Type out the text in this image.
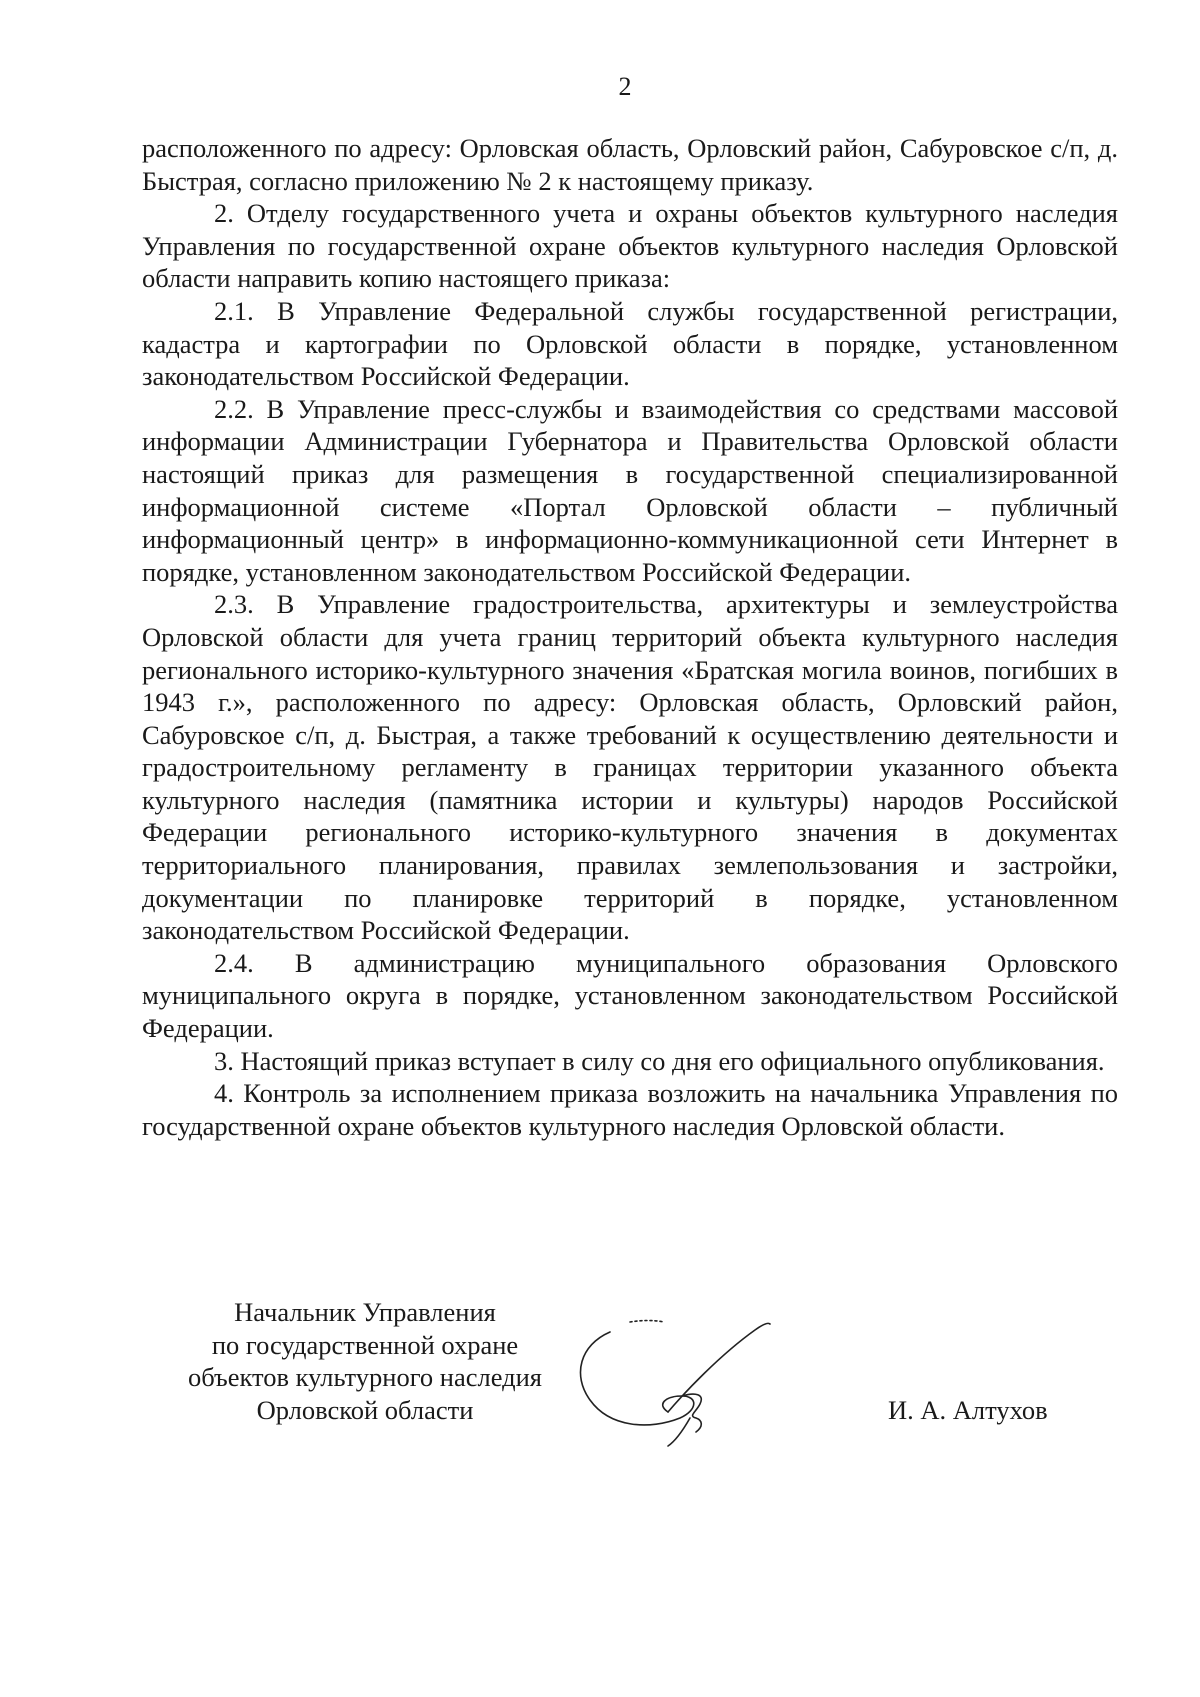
2

расположенного по адресу: Орловская область, Орловский район, Сабуровское с/п, д. Быстрая, согласно приложению № 2 к настоящему приказу.

2. Отделу государственного учета и охраны объектов культурного наследия Управления по государственной охране объектов культурного наследия Орловской области направить копию настоящего приказа:

2.1. В Управление Федеральной службы государственной регистрации, кадастра и картографии по Орловской области в порядке, установленном законодательством Российской Федерации.

2.2. В Управление пресс-службы и взаимодействия со средствами массовой информации Администрации Губернатора и Правительства Орловской области настоящий приказ для размещения в государственной специализированной информационной системе «Портал Орловской области – публичный информационный центр» в информационно-коммуникационной сети Интернет в порядке, установленном законодательством Российской Федерации.

2.3. В Управление градостроительства, архитектуры и землеустройства Орловской области для учета границ территорий объекта культурного наследия регионального историко-культурного значения «Братская могила воинов, погибших в 1943 г.», расположенного по адресу: Орловская область, Орловский район, Сабуровское с/п, д. Быстрая, а также требований к осуществлению деятельности и градостроительному регламенту в границах территории указанного объекта культурного наследия (памятника истории и культуры) народов Российской Федерации регионального историко-культурного значения в документах территориального планирования, правилах землепользования и застройки, документации по планировке территорий в порядке, установленном законодательством Российской Федерации.

2.4. В администрацию муниципального образования Орловского муниципального округа в порядке, установленном законодательством Российской Федерации.

3. Настоящий приказ вступает в силу со дня его официального опубликования.

4. Контроль за исполнением приказа возложить на начальника Управления по государственной охране объектов культурного наследия Орловской области.

Начальник Управления
по государственной охране
объектов культурного наследия
Орловской области	И. А. Алтухов
